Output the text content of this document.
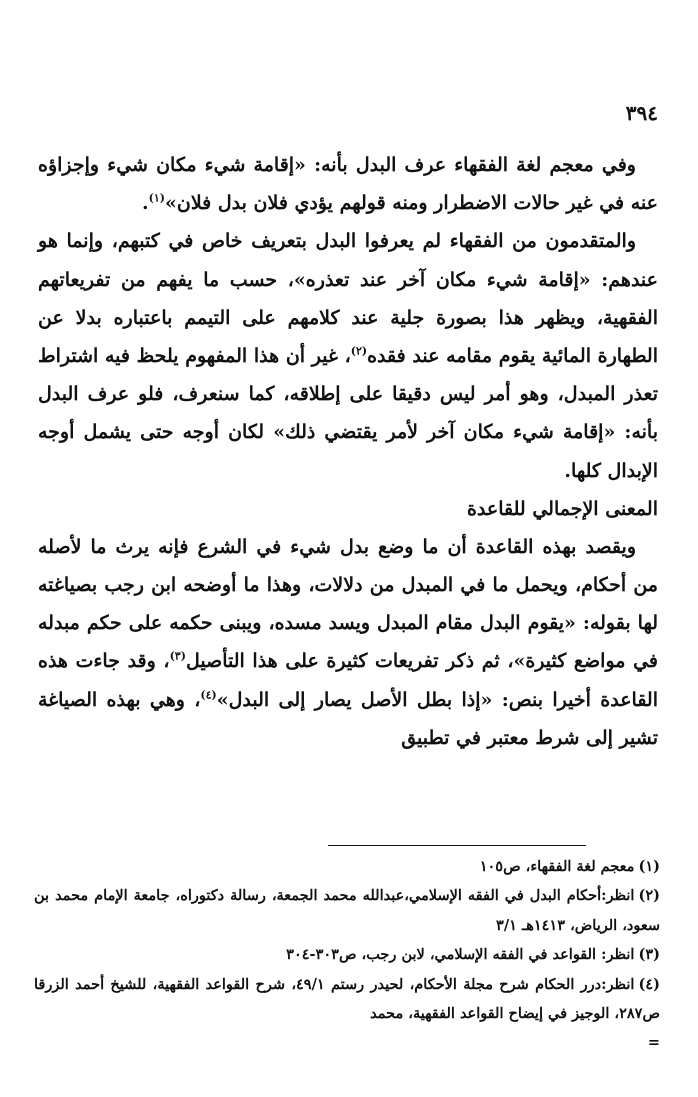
٣٩٤

وفي معجم لغة الفقهاء عرف البدل بأنه: «إقامة شيء مكان شيء وإجزاؤه عنه في غير حالات الاضطرار ومنه قولهم يؤدي فلان بدل فلان»$^{(١)}$.

والمتقدمون من الفقهاء لم يعرفوا البدل بتعريف خاص في كتبهم، وإنما هو عندهم: «إقامة شيء مكان آخر عند تعذره»، حسب ما يفهم من تفريعاتهم الفقهية، ويظهر هذا بصورة جلية عند كلامهم على التيمم باعتباره بدلا عن الطهارة المائية يقوم مقامه عند فقده$^{(٢)}$، غير أن هذا المفهوم يلحظ فيه اشتراط تعذر المبدل، وهو أمر ليس دقيقا على إطلاقه، كما سنعرف، فلو عرف البدل بأنه: «إقامة شيء مكان آخر لأمر يقتضي ذلك» لكان أوجه حتى يشمل أوجه الإبدال كلها.

المعنى الإجمالي للقاعدة

ويقصد بهذه القاعدة أن ما وضع بدل شيء في الشرع فإنه يرث ما لأصله من أحكام، ويحمل ما في المبدل من دلالات، وهذا ما أوضحه ابن رجب بصياغته لها بقوله: «يقوم البدل مقام المبدل ويسد مسده، ويبنى حكمه على حكم مبدله في مواضع كثيرة»، ثم ذكر تفريعات كثيرة على هذا التأصيل$^{(٣)}$، وقد جاءت هذه القاعدة أخيرا بنص: «إذا بطل الأصل يصار إلى البدل»$^{(٤)}$، وهي بهذه الصياغة تشير إلى شرط معتبر في تطبيق

(١)معجم لغة الفقهاء، ص١٠٥

(٢)انظر:أحكام البدل في الفقه الإسلامي،عبدالله محمد الجمعة، رسالة دكتوراه، جامعة الإمام محمد بن سعود، الرياض، ١٤١٣هـ ٣/١

(٣)انظر: القواعد في الفقه الإسلامي، لابن رجب، ص٣٠٣-٣٠٤

(٤)انظر:درر الحكام شرح مجلة الأحكام، لحيدر رستم ٤٩/١، شرح القواعد الفقهية، للشيخ أحمد الزرقا ص٢٨٧، الوجيز في إيضاح القواعد الفقهية، محمد

=
